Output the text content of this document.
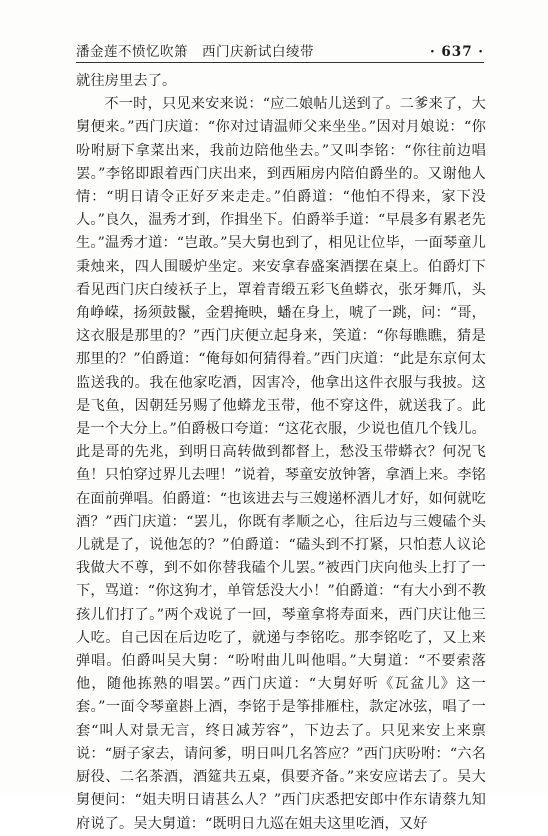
潘金莲不愤忆吹箫 西门庆新试白绫带	· 637 ·

就往房里去了。

不一时，只见来安来说：“应二娘帖儿送到了。二爹来了，大舅便来。”西门庆道：“你对过请温师父来坐坐。”因对月娘说：“你吩咐厨下拿菜出来，我前边陪他坐去。”又叫李铭：“你往前边唱罢。”李铭即跟着西门庆出来，到西厢房内陪伯爵坐的。又谢他人情：“明日请令正好歹来走走。”伯爵道：“他怕不得来，家下没人。”良久，温秀才到，作揖坐下。伯爵举手道：“早晨多有累老先生。”温秀才道：“岂敢。”吴大舅也到了，相见让位毕，一面琴童儿秉烛来，四人围暖炉坐定。来安拿春盛案酒摆在桌上。伯爵灯下看见西门庆白绫袄子上，罩着青缎五彩飞鱼蟒衣，张牙舞爪，头角峥嵘，扬须鼓鬣，金碧掩映，蟠在身上，唬了一跳，问：“哥，这衣服是那里的？”西门庆便立起身来，笑道：“你每瞧瞧，猜是那里的？”伯爵道：“俺每如何猜得着。”西门庆道：“此是东京何太监送我的。我在他家吃酒，因害冷，他拿出这件衣服与我披。这是飞鱼，因朝廷另赐了他蟒龙玉带，他不穿这件，就送我了。此是一个大分上。”伯爵极口夸道：“这花衣服，少说也值几个钱儿。此是哥的先兆，到明日高转做到都督上，愁没玉带蟒衣？何况飞鱼！只怕穿过界儿去哩！”说着，琴童安放钟箸，拿酒上来。李铭在面前弹唱。伯爵道：“也该进去与三嫂递杯酒儿才好，如何就吃酒？”西门庆道：“罢儿，你既有孝顺之心，往后边与三嫂磕个头儿就是了，说他怎的？”伯爵道：“磕头到不打紧，只怕惹人议论我做大不尊，到不如你替我磕个儿罢。”被西门庆向他头上打了一下，骂道：“你这狗才，单管恁没大小！”伯爵道：“有大小到不教孩儿们打了。”两个戏说了一回，琴童拿将寿面来，西门庆让他三人吃。自己因在后边吃了，就递与李铭吃。那李铭吃了，又上来弹唱。伯爵叫吴大舅：“吩咐曲儿叫他唱。”大舅道：“不要索落他，随他拣熟的唱罢。”西门庆道：“大舅好听《瓦盆儿》这一套。”一面令琴童斟上酒，李铭于是筝排雁柱，款定冰弦，唱了一套“叫人对景无言，终日减芳容”，下边去了。只见来安上来禀说：“厨子家去，请问爹，明日叫几名答应？”西门庆吩咐：“六名厨役、二名茶酒，酒筵共五桌，俱要齐备。”来安应诺去了。吴大舅便问：“姐夫明日请甚么人？”西门庆悉把安郎中作东请蔡九知府说了。吴大舅道：“既明日九巡在姐夫这里吃酒，又好
